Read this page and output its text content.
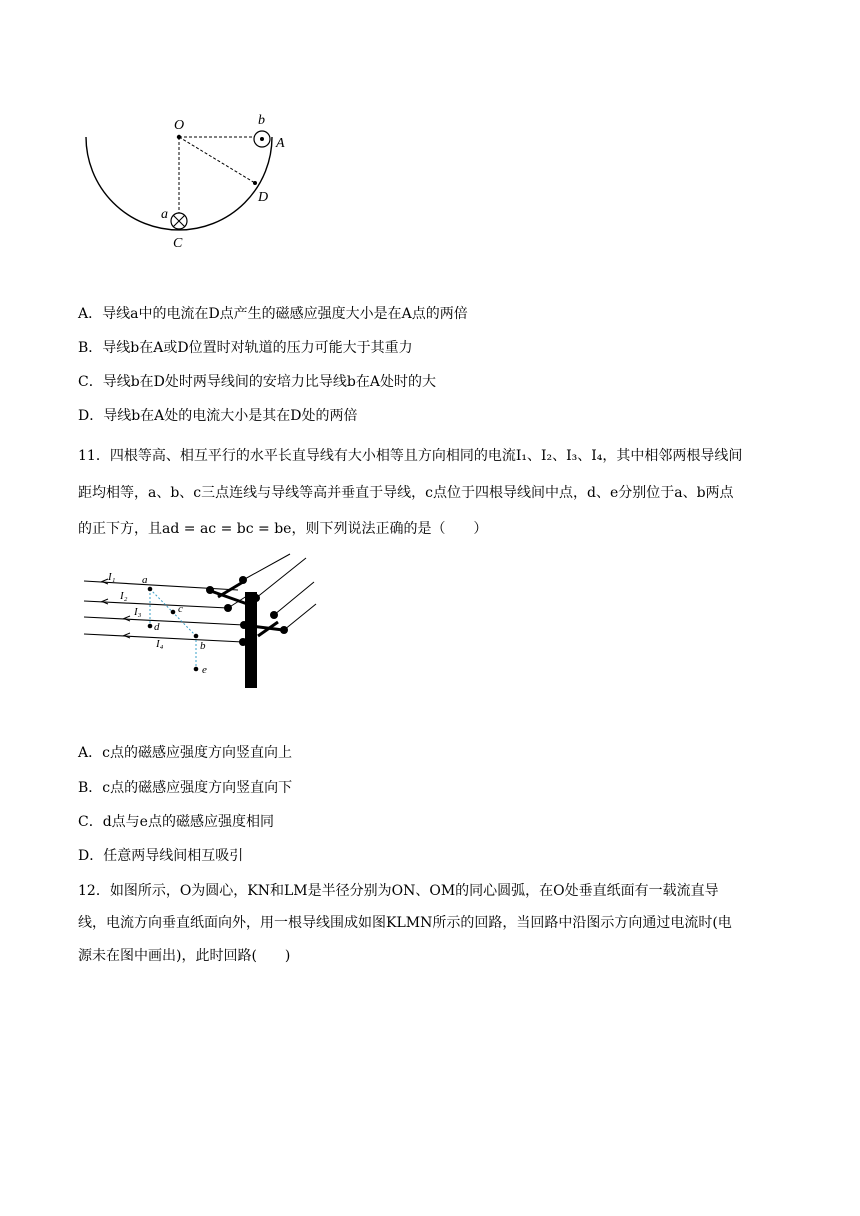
O	b
A
D
a
C
A．导线a中的电流在D点产生的磁感应强度大小是在A点的两倍
B．导线b在A或D位置时对轨道的压力可能大于其重力
C．导线b在D处时两导线间的安培力比导线b在A处时的大
D．导线b在A处的电流大小是其在D处的两倍
11．四根等高、相互平行的水平长直导线有大小相等且方向相同的电流I₁、I₂、I₃、I₄，其中相邻两根导线间
距均相等，a、b、c三点连线与导线等高并垂直于导线，c点位于四根导线间中点，d、e分别位于a、b两点
的正下方，且ad = ac = bc = be，则下列说法正确的是（　　）
I₁
I₂
I₃
I₄
a
c
d
b
e
A．c点的磁感应强度方向竖直向上
B．c点的磁感应强度方向竖直向下
C．d点与e点的磁感应强度相同
D．任意两导线间相互吸引
12．如图所示，O为圆心，KN和LM是半径分别为ON、OM的同心圆弧，在O处垂直纸面有一载流直导
线，电流方向垂直纸面向外，用一根导线围成如图KLMN所示的回路，当回路中沿图示方向通过电流时(电
源未在图中画出)，此时回路(　　)
